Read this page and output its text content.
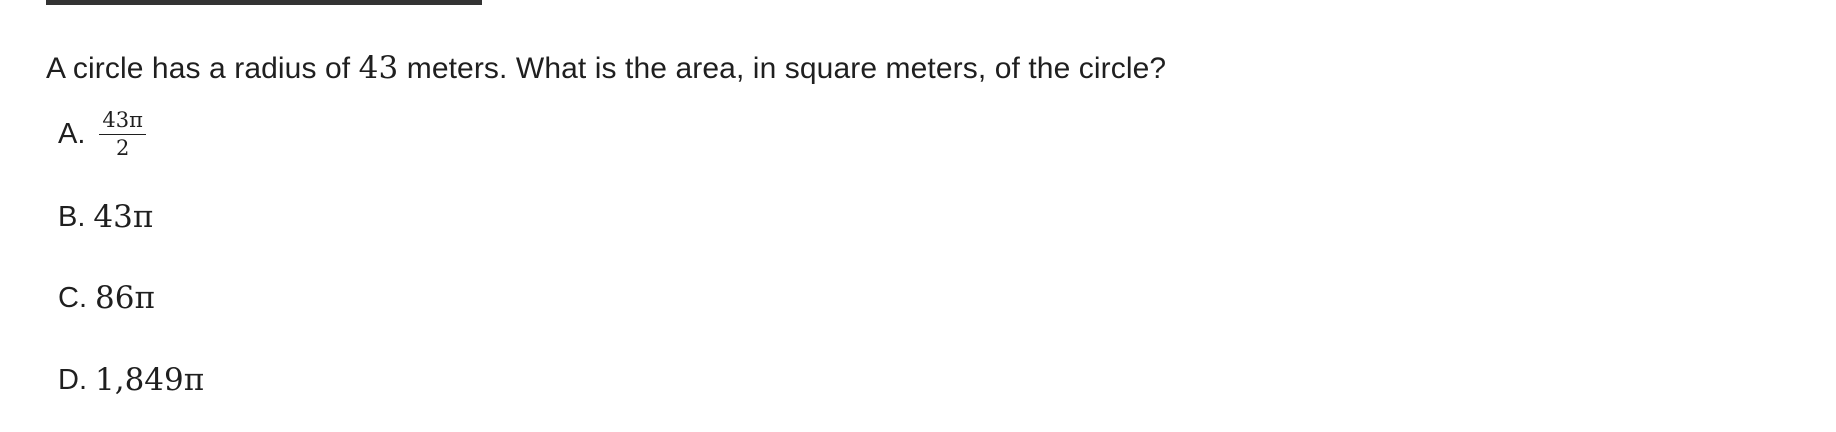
A circle has a radius of 43 meters. What is the area, in square meters, of the circle?
A. $\frac{43\pi}{2}$
B. 43π
C. 86π
D. 1,849π
